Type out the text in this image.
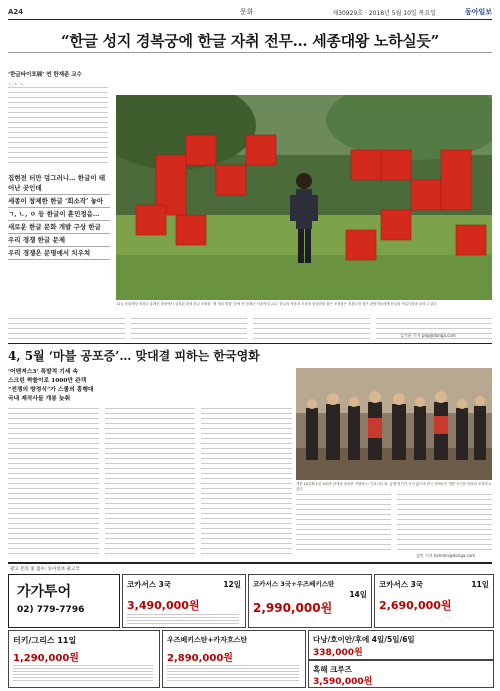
A24	문화	제30929호 · 2018년 5월 10일 목요일	동아일보
“한글 성지 경복궁에 한글 자취 전무… 세종대왕 노하실듯”
‘한글타이포展’ 연 한재준 교수

ㅅ, ㅎ, ㅎ,

집현전 터만 덩그러니… 한글이 태어난 곳인데
세종이 창제한 한글 ‘회소작’ 놓아
ㄱ, ㄴ, ㅇ 등 한글이 훈민정음…
새로운 한글 문화 개발 구상 한글
우리 경쟁 한글 문제
우리 경쟁은 문명에서 치우쳐
11일 문화재청 경복궁 흥례문 광장에서 설치된 대형 한글 조형물 ‘세 개의 빛깔’ 앞에 선 한재준 서울여대 교수. 한글의 자음과 모음을 형상화한 붉은 조형물은 경복궁을 찾은 관람객들에게 한글의 아름다움을 알리고 있다.
김기윤 기자 pep@donga.com
4, 5월 ‘마블 공포증’… 맞대결 피하는 한국영화
‘어벤져스3’ 폭발적 기세 속
스크린 싹쓸이로 1000만 관객
“전쟁의 방정식”가 스쿨의 흥행대
국내 제작사들 개봉 늦춰
개봉 16일째 1천 100만 관객을 돌파한 어벤져스: 인피니티 워. 흥행 열기가 식지 않으며 한국 영화들은 개봉 시기를 잇따라 조정하고 있다.
김민 기자 kimmin@donga.com
광고 문의 및 접수: 동아일보 광고국
가가투어
02) 779-7796
코카서스 3국	12일
3,490,000원
코카서스 3국+우즈베키스탄
14일
2,990,000원
코카서스 3국	11일
2,690,000원
터키/그리스 11일
1,290,000원
우즈베키스탄+카자흐스탄
2,890,000원
다낭/호이안/후에 4일/5일/6일
338,000원
흑해 크루즈
3,590,000원
